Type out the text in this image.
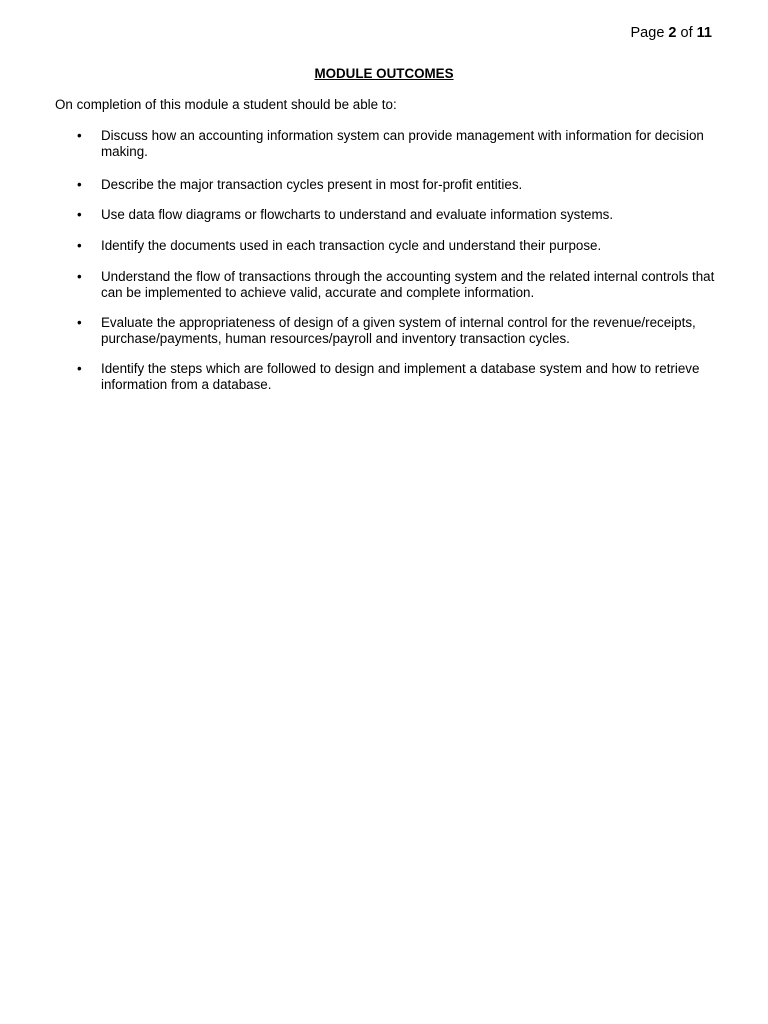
Page 2 of 11
MODULE OUTCOMES
On completion of this module a student should be able to:
•	Discuss how an accounting information system can provide management with information for decision making.
•	Describe the major transaction cycles present in most for-profit entities.
•	Use data flow diagrams or flowcharts to understand and evaluate information systems.
•	Identify the documents used in each transaction cycle and understand their purpose.
•	Understand the flow of transactions through the accounting system and the related internal controls that can be implemented to achieve valid, accurate and complete information.
•	Evaluate the appropriateness of design of a given system of internal control for the revenue/receipts, purchase/payments, human resources/payroll and inventory transaction cycles.
•	Identify the steps which are followed to design and implement a database system and how to retrieve information from a database.
